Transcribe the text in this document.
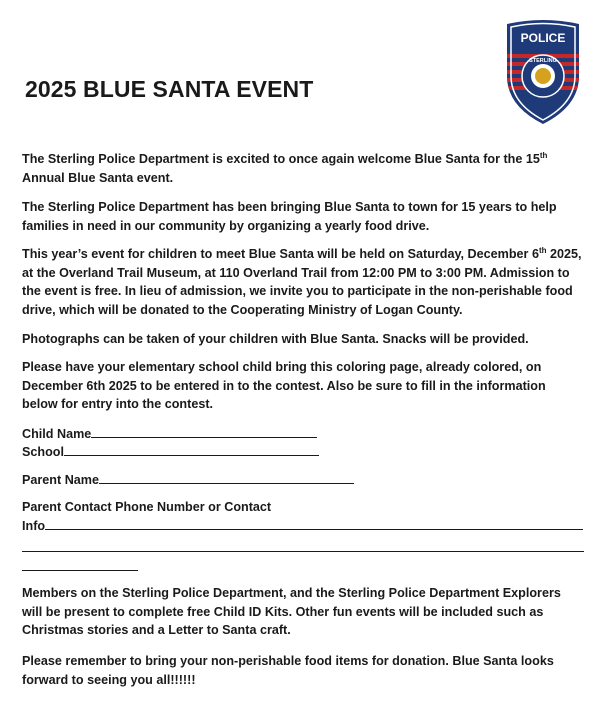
2025 BLUE SANTA EVENT
POLICE
STERLING

The Sterling Police Department is excited to once again welcome Blue Santa for the 15th Annual Blue Santa event.

The Sterling Police Department has been bringing Blue Santa to town for 15 years to help families in need in our community by organizing a yearly food drive.

This year’s event for children to meet Blue Santa will be held on Saturday, December 6th 2025, at the Overland Trail Museum, at 110 Overland Trail from 12:00 PM to 3:00 PM. Admission to the event is free. In lieu of admission, we invite you to participate in the non-perishable food drive, which will be donated to the Cooperating Ministry of Logan County.

Photographs can be taken of your children with Blue Santa. Snacks will be provided.

Please have your elementary school child bring this coloring page, already colored, on December 6th 2025 to be entered in to the contest. Also be sure to fill in the information below for entry into the contest.

Child Name
School
Parent Name
Parent Contact Phone Number or Contact
Info

Members on the Sterling Police Department, and the Sterling Police Department Explorers will be present to complete free Child ID Kits. Other fun events will be included such as Christmas stories and a Letter to Santa craft.

Please remember to bring your non-perishable food items for donation. Blue Santa looks forward to seeing you all!!!!!!
